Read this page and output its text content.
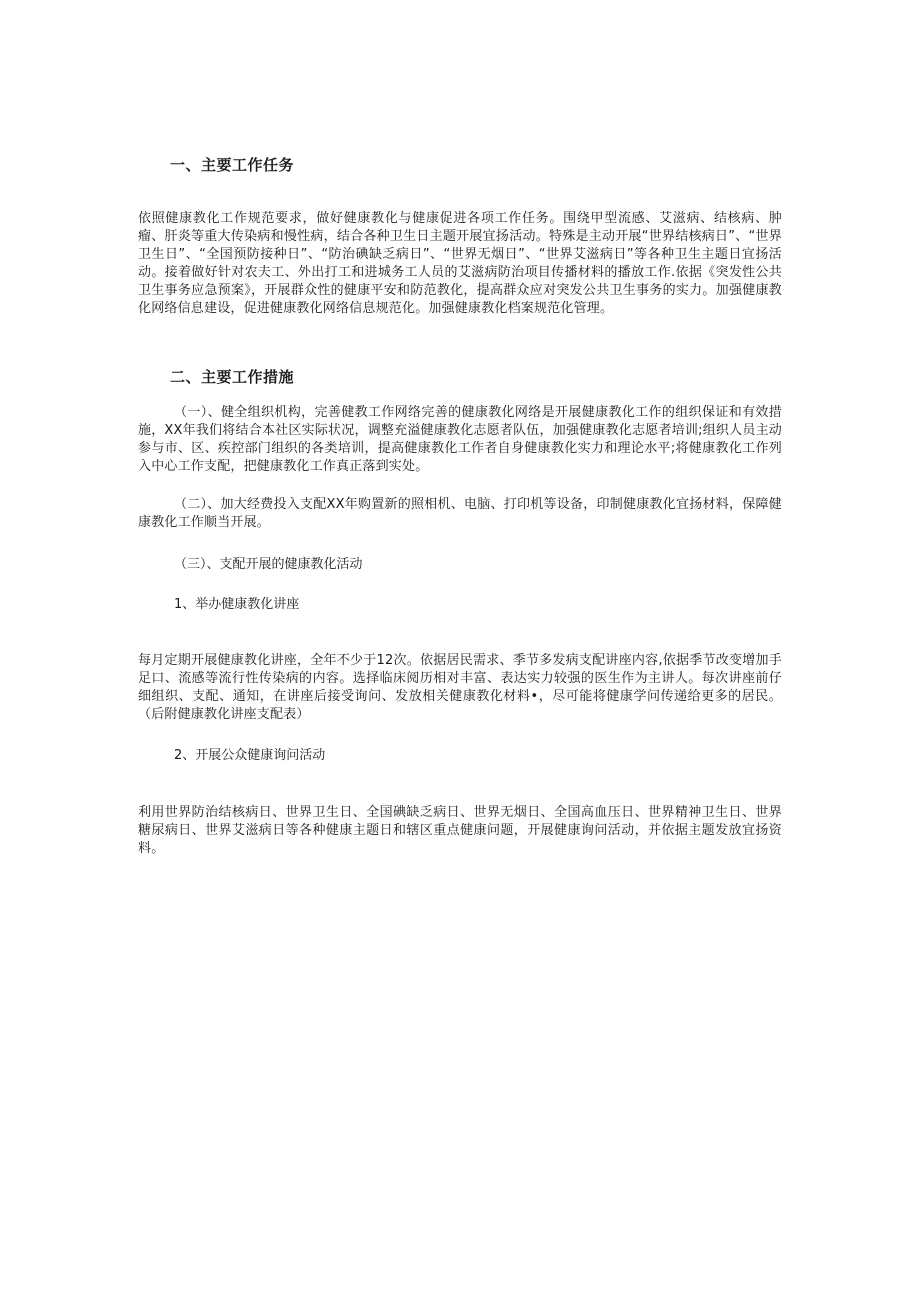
一、主要工作任务
依照健康教化工作规范要求，做好健康教化与健康促进各项工作任务。围绕甲型流感、艾滋病、结核病、肿瘤、肝炎等重大传染病和慢性病，结合各种卫生日主题开展宜扬活动。特殊是主动开展“世界结核病日”、“世界卫生日”、“全国预防接种日”、“防治碘缺乏病日”、“世界无烟日”、“世界艾滋病日”等各种卫生主题日宜扬活动。接着做好针对农夫工、外出打工和进城务工人员的艾滋病防治项目传播材料的播放工作.依据《突发性公共卫生事务应急预案》，开展群众性的健康平安和防范教化，提高群众应对突发公共卫生事务的实力。加强健康教化网络信息建设，促进健康教化网络信息规范化。加强健康教化档案规范化管理。
二、主要工作措施
（一）、健全组织机构，完善健教工作网络完善的健康教化网络是开展健康教化工作的组织保证和有效措施，XX年我们将结合本社区实际状况，调整充溢健康教化志愿者队伍，加强健康教化志愿者培训;组织人员主动参与市、区、疾控部门组织的各类培训，提高健康教化工作者自身健康教化实力和理论水平;将健康教化工作列入中心工作支配，把健康教化工作真正落到实处。
（二）、加大经费投入支配XX年购置新的照相机、电脑、打印机等设备，印制健康教化宜扬材料，保障健康教化工作顺当开展。
（三）、支配开展的健康教化活动
1、举办健康教化讲座
每月定期开展健康教化讲座，全年不少于12次。依据居民需求、季节多发病支配讲座内容,依据季节改变增加手足口、流感等流行性传染病的内容。选择临床阅历相对丰富、表达实力较强的医生作为主讲人。每次讲座前仔细组织、支配、通知，在讲座后接受询问、发放相关健康教化材料•，尽可能将健康学问传递给更多的居民。（后附健康教化讲座支配表）
2、开展公众健康询问活动
利用世界防治结核病日、世界卫生日、全国碘缺乏病日、世界无烟日、全国高血压日、世界精神卫生日、世界糖尿病日、世界艾滋病日等各种健康主题日和辖区重点健康问题，开展健康询问活动，并依据主题发放宜扬资料。
